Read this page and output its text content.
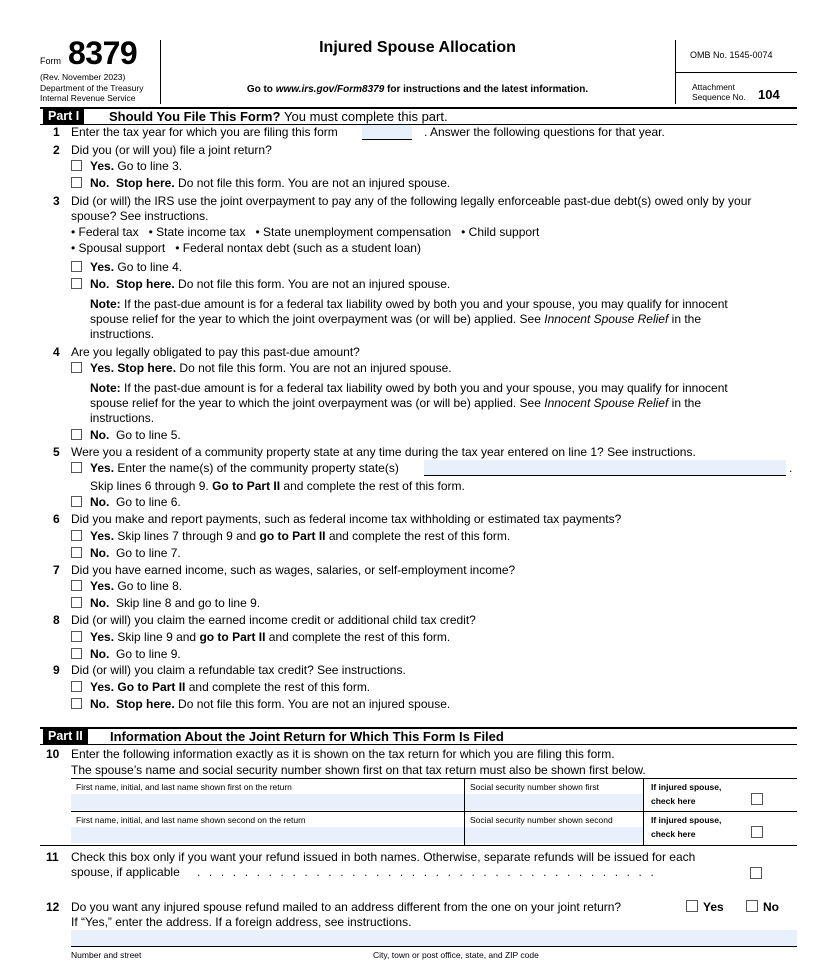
Form 8379
(Rev. November 2023)
Department of the Treasury
Internal Revenue Service
Injured Spouse Allocation
Go to www.irs.gov/Form8379 for instructions and the latest information.
OMB No. 1545-0074
Attachment
Sequence No. 104
Part I	Should You File This Form? You must complete this part.
1 Enter the tax year for which you are filing this form	. Answer the following questions for that year.
2 Did you (or will you) file a joint return?
Yes. Go to line 3.
No. Stop here. Do not file this form. You are not an injured spouse.
3 Did (or will) the IRS use the joint overpayment to pay any of the following legally enforceable past-due debt(s) owed only by your
spouse? See instructions.
• Federal tax   • State income tax   • State unemployment compensation   • Child support
• Spousal support   • Federal nontax debt (such as a student loan)
Yes. Go to line 4.
No. Stop here. Do not file this form. You are not an injured spouse.
Note: If the past-due amount is for a federal tax liability owed by both you and your spouse, you may qualify for innocent
spouse relief for the year to which the joint overpayment was (or will be) applied. See Innocent Spouse Relief in the
instructions.
4 Are you legally obligated to pay this past-due amount?
Yes. Stop here. Do not file this form. You are not an injured spouse.
Note: If the past-due amount is for a federal tax liability owed by both you and your spouse, you may qualify for innocent
spouse relief for the year to which the joint overpayment was (or will be) applied. See Innocent Spouse Relief in the
instructions.
No. Go to line 5.
5 Were you a resident of a community property state at any time during the tax year entered on line 1? See instructions.
Yes. Enter the name(s) of the community property state(s)	.
Skip lines 6 through 9. Go to Part II and complete the rest of this form.
No. Go to line 6.
6 Did you make and report payments, such as federal income tax withholding or estimated tax payments?
Yes. Skip lines 7 through 9 and go to Part II and complete the rest of this form.
No. Go to line 7.
7 Did you have earned income, such as wages, salaries, or self-employment income?
Yes. Go to line 8.
No. Skip line 8 and go to line 9.
8 Did (or will) you claim the earned income credit or additional child tax credit?
Yes. Skip line 9 and go to Part II and complete the rest of this form.
No. Go to line 9.
9 Did (or will) you claim a refundable tax credit? See instructions.
Yes. Go to Part II and complete the rest of this form.
No. Stop here. Do not file this form. You are not an injured spouse.
Part II	Information About the Joint Return for Which This Form Is Filed
10 Enter the following information exactly as it is shown on the tax return for which you are filing this form.
The spouse’s name and social security number shown first on that tax return must also be shown first below.
First name, initial, and last name shown first on the return	Social security number shown first	If injured spouse,
check here
First name, initial, and last name shown second on the return	Social security number shown second	If injured spouse,
check here
11 Check this box only if you want your refund issued in both names. Otherwise, separate refunds will be issued for each
spouse, if applicable .......................................
12 Do you want any injured spouse refund mailed to an address different from the one on your joint return?	Yes	No
If “Yes,” enter the address. If a foreign address, see instructions.
Number and street	City, town or post office, state, and ZIP code
